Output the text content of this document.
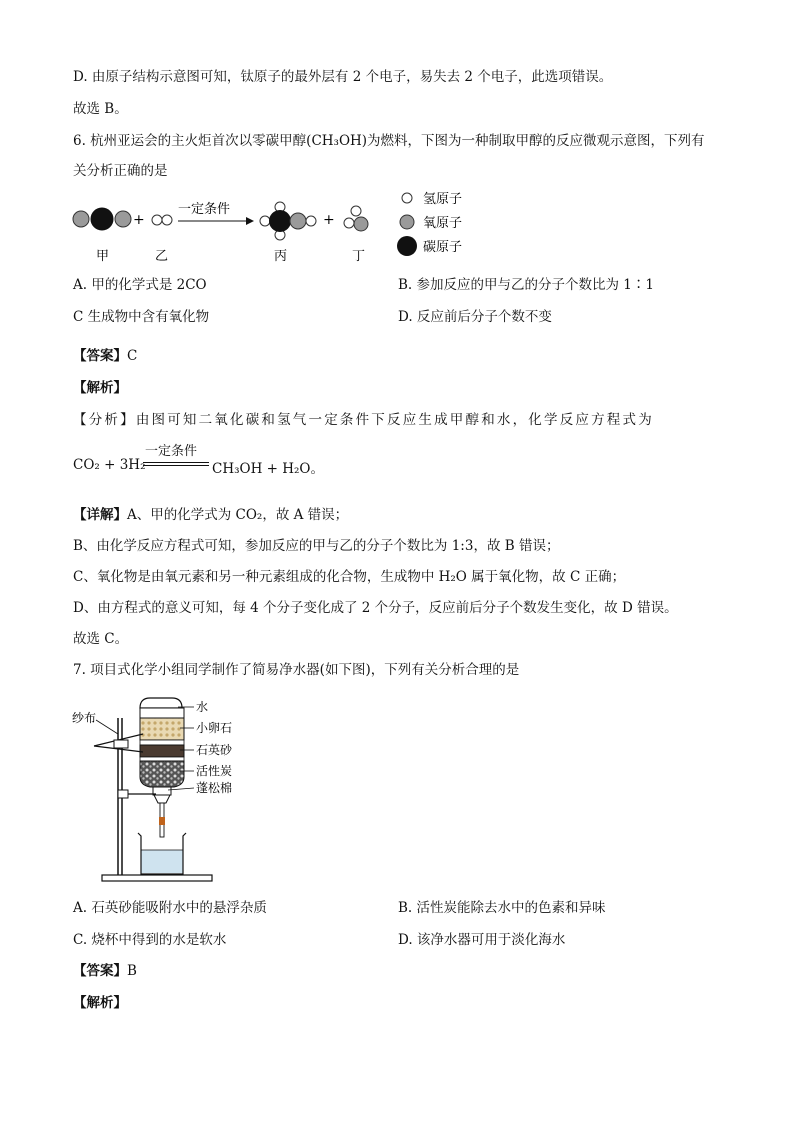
D. 由原子结构示意图可知，钛原子的最外层有 2 个电子，易失去 2 个电子，此选项错误。
故选 B。
6. 杭州亚运会的主火炬首次以零碳甲醇(CH₃OH)为燃料，下图为一种制取甲醇的反应微观示意图，下列有
关分析正确的是
+
一定条件
+
甲	乙	丙	丁
氢原子
氧原子
碳原子
A. 甲的化学式是 2CO	B. 参加反应的甲与乙的分子个数比为 1∶1
C 生成物中含有氧化物	D. 反应前后分子个数不变
【答案】C
【解析】
【分析】由图可知二氧化碳和氢气一定条件下反应生成甲醇和水，化学反应方程式为
CO₂ + 3H₂
一定条件
CH₃OH + H₂O。
【详解】A、甲的化学式为 CO₂，故 A 错误；
B、由化学反应方程式可知，参加反应的甲与乙的分子个数比为 1:3，故 B 错误；
C、氧化物是由氧元素和另一种元素组成的化合物，生成物中 H₂O 属于氧化物，故 C 正确；
D、由方程式的意义可知，每 4 个分子变化成了 2 个分子，反应前后分子个数发生变化，故 D 错误。
故选 C。
7. 项目式化学小组同学制作了简易净水器(如下图)，下列有关分析合理的是
纱布
水
小卵石
石英砂
活性炭
蓬松棉
A. 石英砂能吸附水中的悬浮杂质	B. 活性炭能除去水中的色素和异味
C. 烧杯中得到的水是软水	D. 该净水器可用于淡化海水
【答案】B
【解析】
